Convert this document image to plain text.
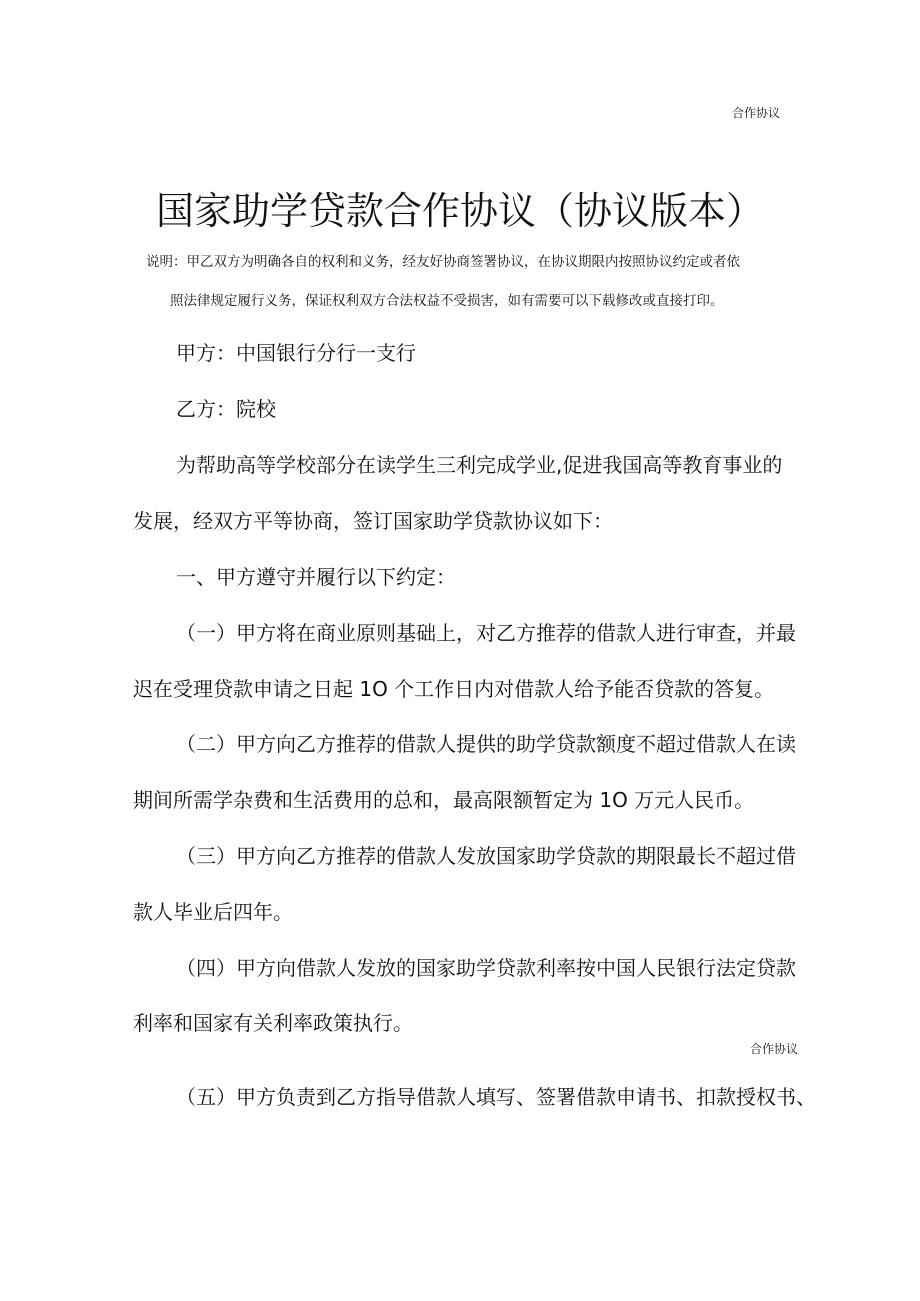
合作协议
国家助学贷款合作协议（协议版本）
说明：甲乙双方为明确各自的权利和义务，经友好协商签署协议，在协议期限内按照协议约定或者依
照法律规定履行义务，保证权利双方合法权益不受损害，如有需要可以下载修改或直接打印。
甲方：中国银行分行一支行
乙方：院校
为帮助高等学校部分在读学生三利完成学业,促进我国高等教育事业的
发展，经双方平等协商，签订国家助学贷款协议如下：
一、甲方遵守并履行以下约定：
（一）甲方将在商业原则基础上，对乙方推荐的借款人进行审查，并最
迟在受理贷款申请之日起 1O 个工作日内对借款人给予能否贷款的答复。
（二）甲方向乙方推荐的借款人提供的助学贷款额度不超过借款人在读
期间所需学杂费和生活费用的总和，最高限额暂定为 1O 万元人民币。
（三）甲方向乙方推荐的借款人发放国家助学贷款的期限最长不超过借
款人毕业后四年。
（四）甲方向借款人发放的国家助学贷款利率按中国人民银行法定贷款
利率和国家有关利率政策执行。
合作协议
（五）甲方负责到乙方指导借款人填写、签署借款申请书、扣款授权书、
